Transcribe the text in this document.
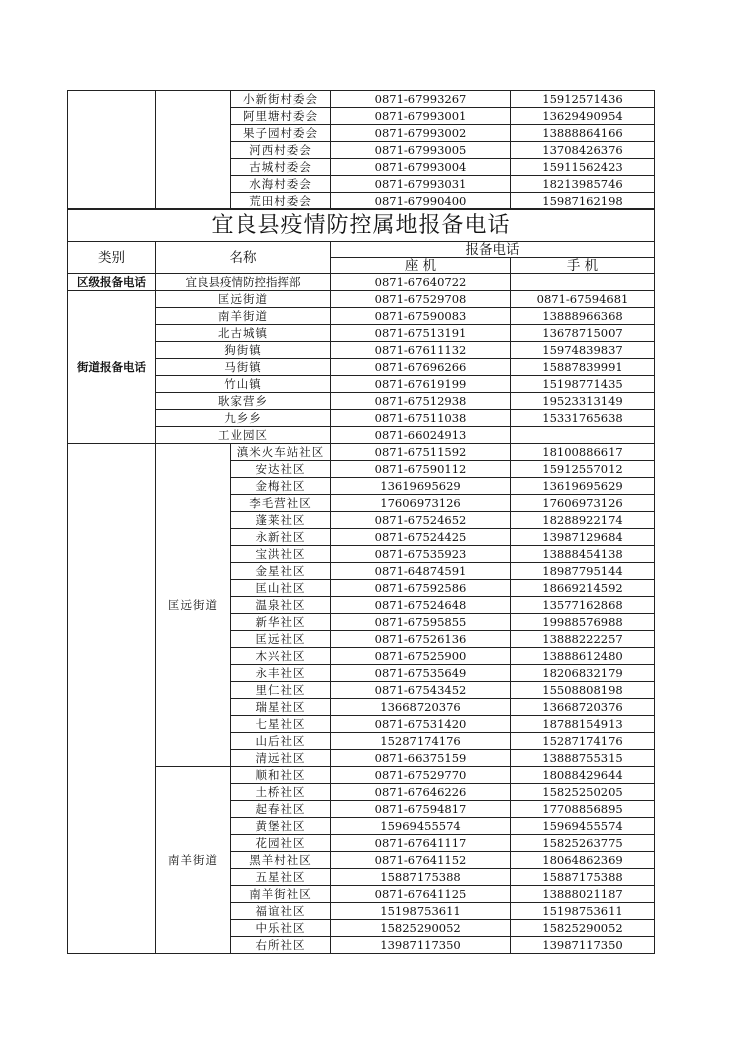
		小新街村委会	0871-67993267	15912571436
		阿里塘村委会	0871-67993001	13629490954
		果子园村委会	0871-67993002	13888864166
		河西村委会	0871-67993005	13708426376
		古城村委会	0871-67993004	15911562423
		水海村委会	0871-67993031	18213985746
		荒田村委会	0871-67990400	15987162198
宜良县疫情防控属地报备电话				
类别	名称		报备电话	
			座 机	手 机
区级报备电话	宜良县疫情防控指挥部		0871-67640722	
街道报备电话	匡远街道		0871-67529708	0871-67594681
	南羊街道		0871-67590083	13888966368
	北古城镇		0871-67513191	13678715007
	狗街镇		0871-67611132	15974839837
	马街镇		0871-67696266	15887839991
	竹山镇		0871-67619199	15198771435
	耿家营乡		0871-67512938	19523313149
	九乡乡		0871-67511038	15331765638
	工业园区		0871-66024913	
	匡远街道	滇米火车站社区	0871-67511592	18100886617
		安达社区	0871-67590112	15912557012
		金梅社区	13619695629	13619695629
		李毛营社区	17606973126	17606973126
		蓬莱社区	0871-67524652	18288922174
		永新社区	0871-67524425	13987129684
		宝洪社区	0871-67535923	13888454138
		金星社区	0871-64874591	18987795144
		匡山社区	0871-67592586	18669214592
		温泉社区	0871-67524648	13577162868
		新华社区	0871-67595855	19988576988
		匡远社区	0871-67526136	13888222257
		木兴社区	0871-67525900	13888612480
		永丰社区	0871-67535649	18206832179
		里仁社区	0871-67543452	15508808198
		瑞星社区	13668720376	13668720376
		七星社区	0871-67531420	18788154913
		山后社区	15287174176	15287174176
		清远社区	0871-66375159	13888755315
	南羊街道	顺和社区	0871-67529770	18088429644
		土桥社区	0871-67646226	15825250205
		起春社区	0871-67594817	17708856895
		黄堡社区	15969455574	15969455574
		花园社区	0871-67641117	15825263775
		黑羊村社区	0871-67641152	18064862369
		五星社区	15887175388	15887175388
		南羊街社区	0871-67641125	13888021187
		福谊社区	15198753611	15198753611
		中乐社区	15825290052	15825290052
		右所社区	13987117350	13987117350
